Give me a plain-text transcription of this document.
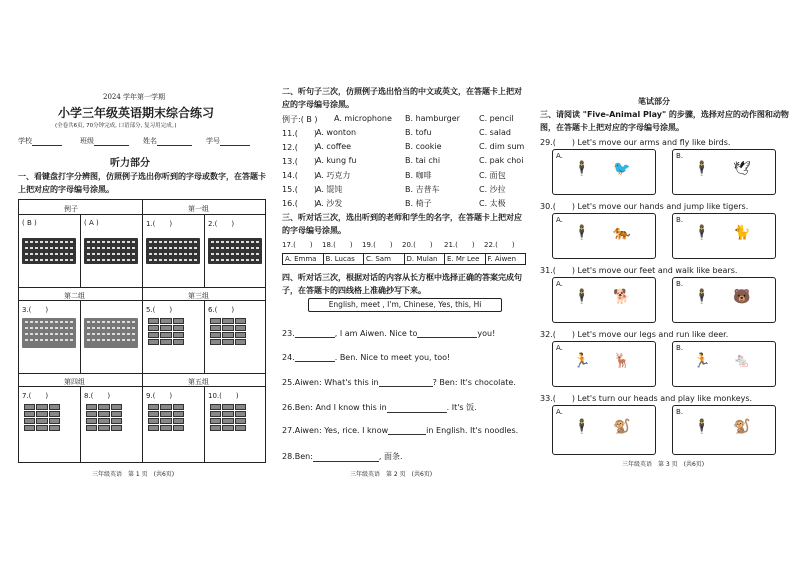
2024 学年第一学期
小学三年级英语期末综合练习
(全卷共6页, 70分钟完成, 口语部分, 复习用完成。)
学校	班级	姓名	学号
听力部分
一、看键盘打字分辨图，仿照例子选出你听到的字母或数字，在答题卡上把对应的字母编号涂黑。
例子	第一组
第二组	第三组
第四组	第五组
( B )	( A )	1.(　　)	2.(　　)
3.(　　)	5.(　　)	6.(　　)
7.(　　)	8.(　　)	9.(　　)	10.(　　)
三年级英语　第 1 页　(共6页)
二、听句子三次，仿照例子选出恰当的中文或英文，在答题卡上把对应的字母编号涂黑。
例子:( B ) A. microphone B. hamburger C. pencil
11.(　　) A. wonton	B. tofu	C. salad
12.(　　) A. coffee	B. cookie	C. dim sum
13.(　　) A. kung fu	B. tai chi	C. pak choi
14.(　　) A. 巧克力	B. 咖啡	C. 面包
15.(　　) A. 馄饨	B. 吉普车	C. 沙拉
16.(　　) A. 沙发	B. 椅子	C. 太极
三、听对话三次，选出听到的老师和学生的名字，在答题卡上把对应的字母编号涂黑。
17.(　　) 18.(　　) 19.(　　) 20.(　　) 21.(　　) 22.(　　)
A. Emma	B. Lucas	C. Sam	D. Mulan	E. Mr Lee	F. Aiwen
四、听对话三次，根据对话的内容从长方框中选择正确的答案完成句子，在答题卡的四线格上准确抄写下来。
English, meet , I'm, Chinese, Yes, this, Hi
23.	, I am Aiwen. Nice to	you!
24.	. Ben. Nice to meet you, too!
25.Aiwen: What's this in	? Ben: It's chocolate.
26.Ben: And I know this in	. It's 饭.
27.Aiwen: Yes, rice. I know	in English. It's noodles.
28.Ben:	, 面条.
三年级英语　第 2 页　(共6页)
笔试部分
三、请阅读 "Five-Animal Play" 的步骤，选择对应的动作图和动物图，在答题卡上把对应的字母编号涂黑。
29.(　　) Let's move our arms and fly like birds.
A.
🕴 🐦
B.
🕴 🕊
30.(　　) Let's move our hands and jump like tigers.
A.
🕴 🐅
B.
🕴 🐈
31.(　　) Let's move our feet and walk like bears.
A.
🕴 🐕
B.
🕴 🐻
32.(　　) Let's move our legs and run like deer.
A.
🏃 🦌
B.
🏃 🐁
33.(　　) Let's turn our heads and play like monkeys.
A.
🕴 🐒
B.
🕴 🐒
三年级英语　第 3 页　(共6页)
